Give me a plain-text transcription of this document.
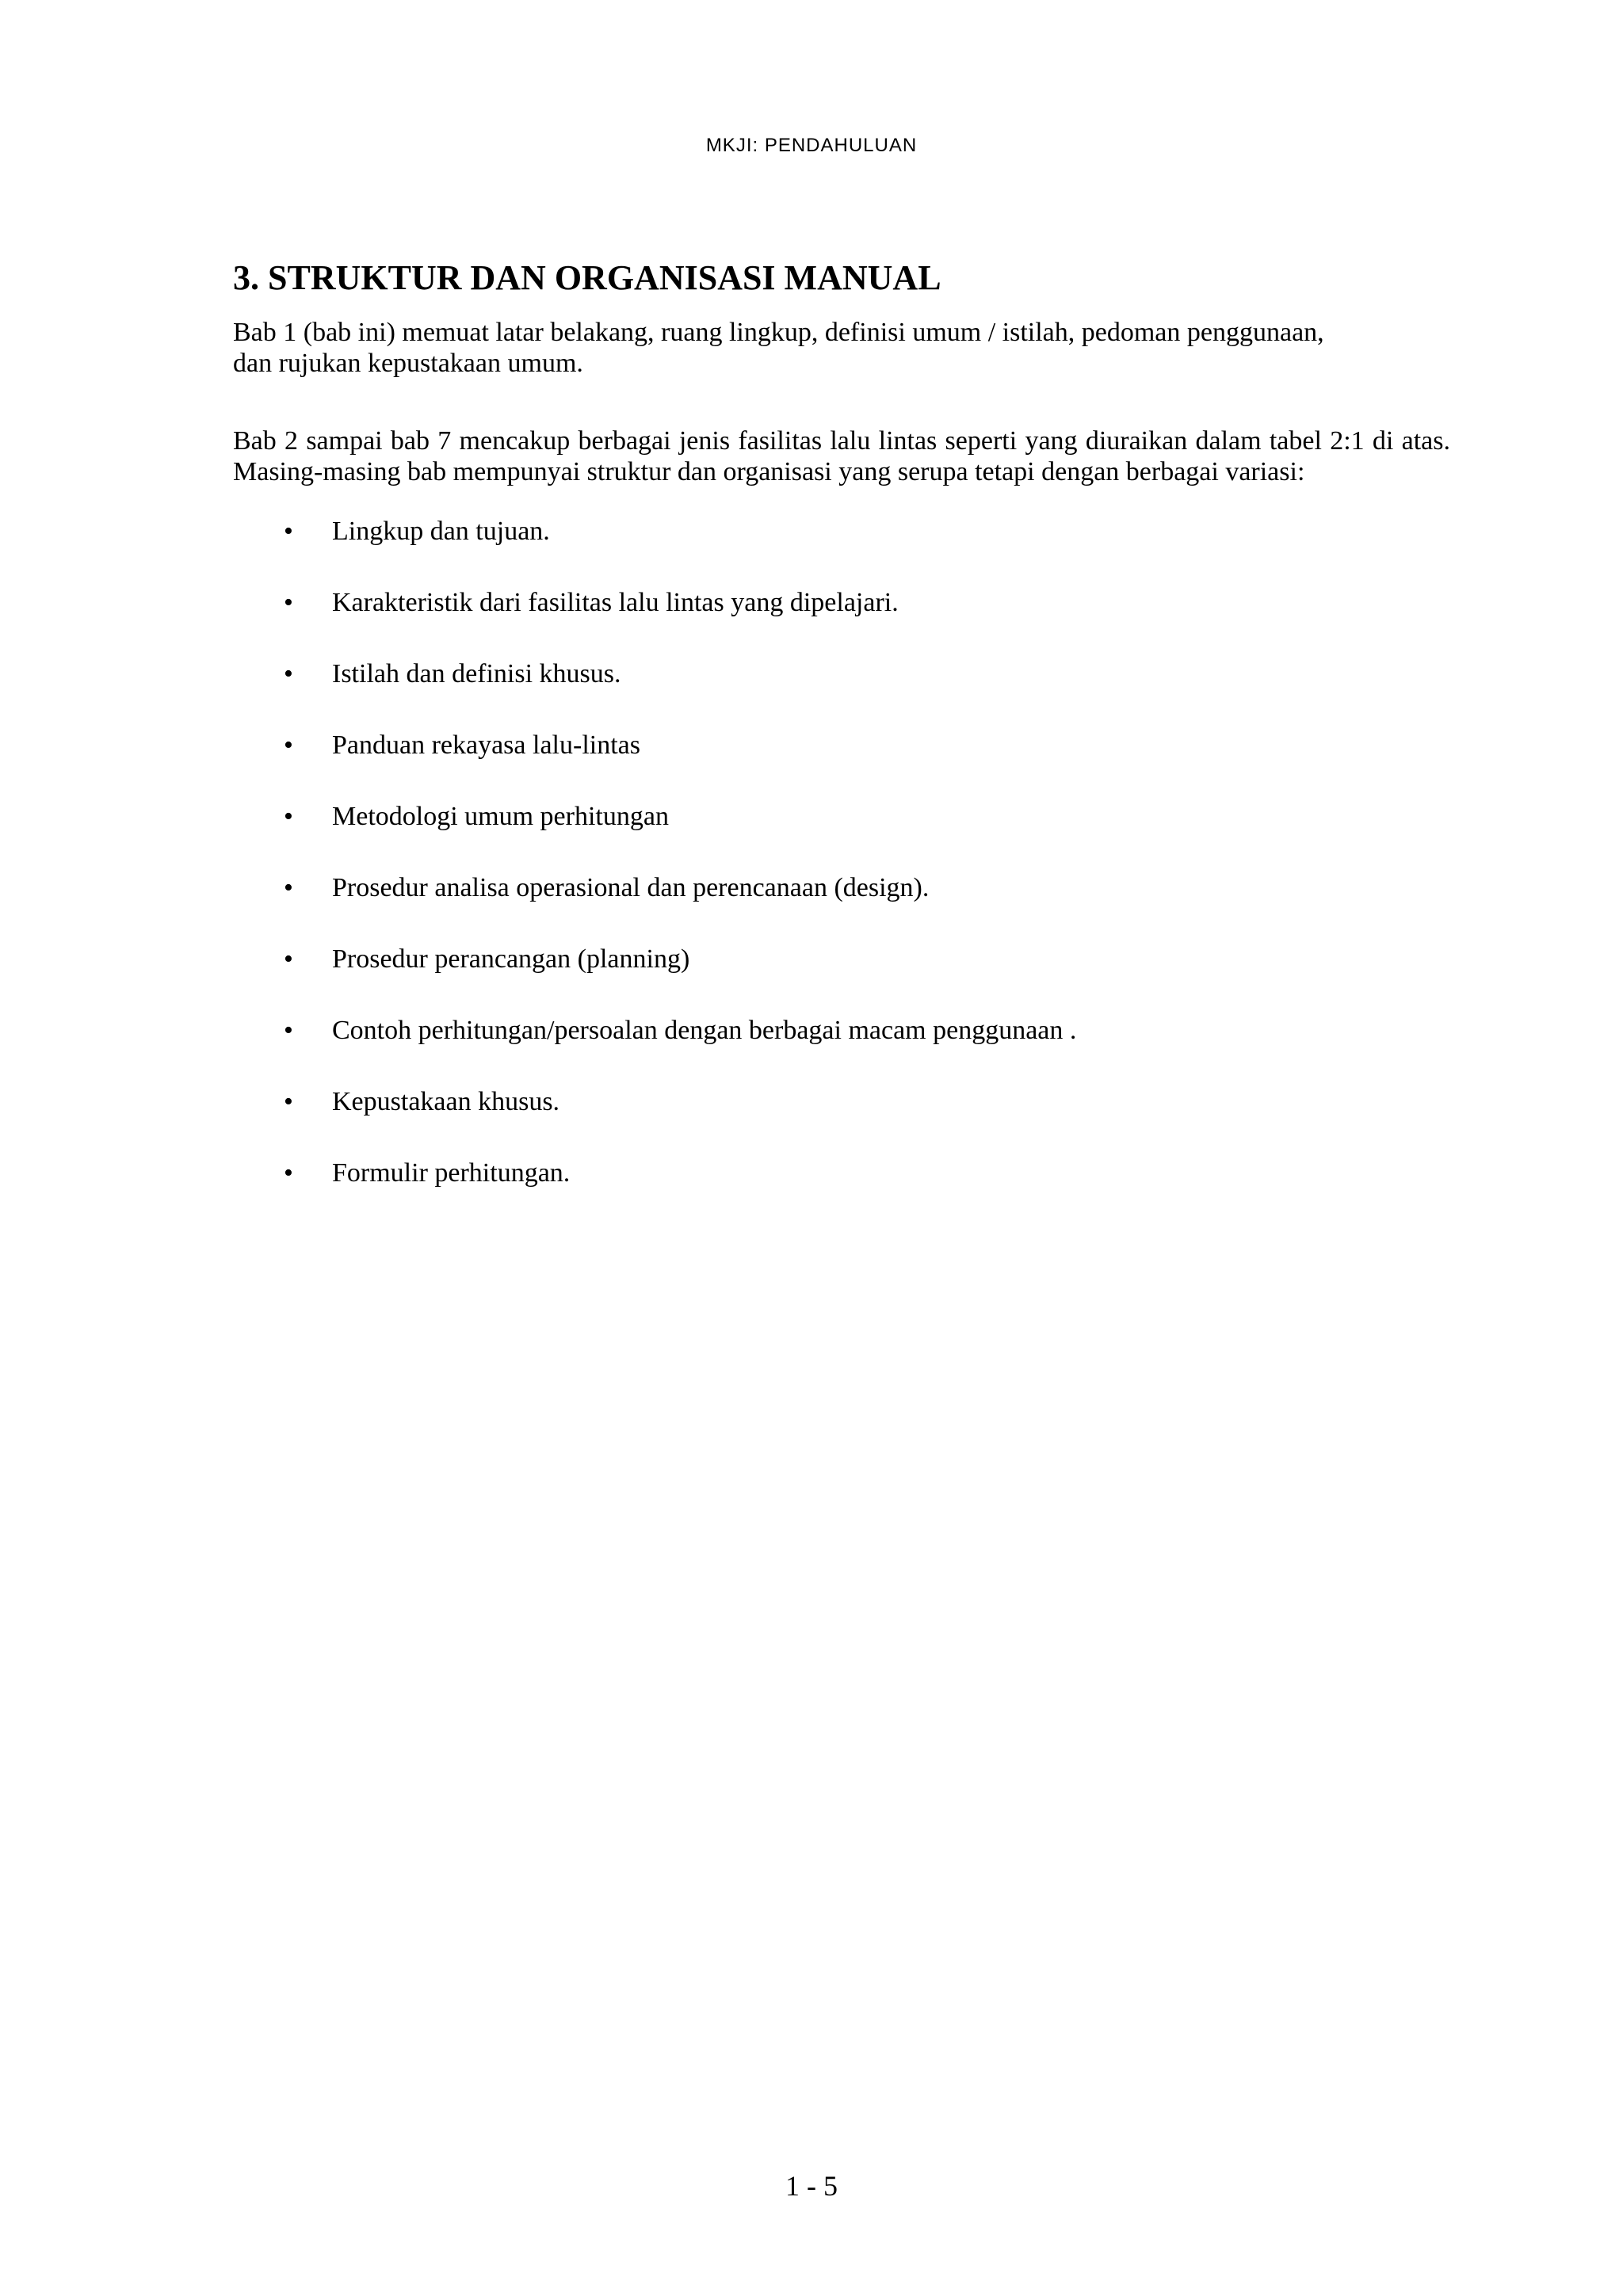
MKJI: PENDAHULUAN
3. STRUKTUR DAN ORGANISASI MANUAL

Bab 1 (bab ini) memuat latar belakang, ruang lingkup, definisi umum / istilah, pedoman penggunaan, dan rujukan kepustakaan umum.

Bab 2 sampai bab 7 mencakup berbagai jenis fasilitas lalu lintas seperti yang diuraikan dalam tabel 2:1 di atas. Masing-masing bab mempunyai struktur dan organisasi yang serupa tetapi dengan berbagai variasi:

• Lingkup dan tujuan.
• Karakteristik dari fasilitas lalu lintas yang dipelajari.
• Istilah dan definisi khusus.
• Panduan rekayasa lalu-lintas
• Metodologi umum perhitungan
• Prosedur analisa operasional dan perencanaan (design).
• Prosedur perancangan (planning)
• Contoh perhitungan/persoalan dengan berbagai macam penggunaan .
• Kepustakaan khusus.
• Formulir perhitungan.
1 - 5
